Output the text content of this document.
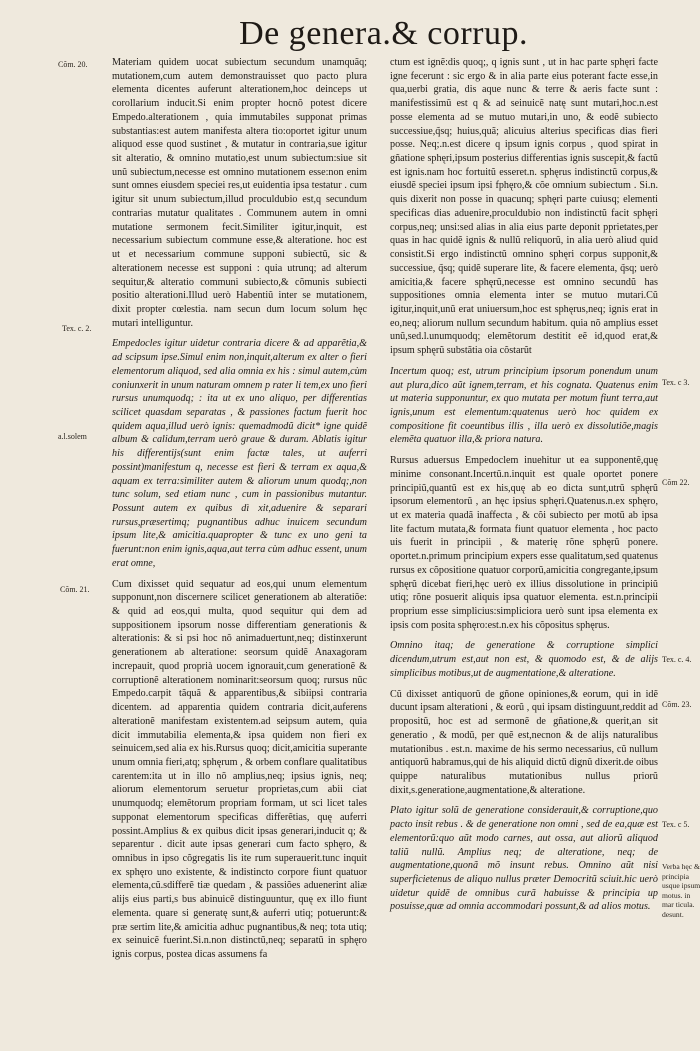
De genera.& corrup.
Cõm. 20.
Tex. c. 2.
a.l.solem
Cõm. 21.
Tex. c 3.
Cõm 22.
Tex. c. 4.
Cõm. 23.
Tex. c 5.
Verba hęc & principia usque ipsum motus. in mar ticula. desunt.

Materiam quidem uocat subiectum secundum unamquãq; mutationem,cum autem demonstrauisset quo pacto plura elementa dicentes auferunt alterationem,hoc deinceps ut corollarium inducit.Si enim propter hocnõ potest dicere Empedo.alterationem , quia immutabiles supponat primas substantias:est autem manifesta altera tio:oportet igitur unum aliquod esse quod sustinet , & mutatur in contraria,sue igitur sit alteratio, & omnino mutatio,est unum subiectum:siue sit unũ subiectum,necesse est omnino mutationem esse:non enim sunt omnes eiusdem speciei res,ut euidentia ipsa testatur . cum igitur sit unum subiectum,illud proculdubio est,q secundum contrarias mutatur qualitates . Communem autem in omni mutatione sermonem fecit.Similiter igitur,inquit, est necessarium subiectum commune esse,& alteratione. hoc est ut et necessarium commune supponi subiectũ, sic & alterationem necesse est supponi : quia utrunq; ad alterum sequitur,& alteratio communi subiecto,& cõmunis subiecti positio alterationi.Illud uerò Habentiũ inter se mutationem, dixit propter cœlestia. nam secun dum locum solum hęc mutari intelliguntur.

Empedocles igitur uidetur contraria dicere & ad apparẽtia,& ad scipsum ipse.Simul enim non,inquit,alterum ex alter o fieri elementorum aliquod, sed alia omnia ex his : simul autem,cùm coniunxerit in unum naturam omnem p rater li tem,ex uno fieri rursus unumquodq; : ita ut ex uno aliquo, per differentias scilicet quasdam separatas , & passiones factum fuerit hoc quidem aqua,illud uerò ignis: quemadmodũ dicit* igne quidẽ album & calidum,terram uerò graue & duram. Ablatis igitur his differentijs(sunt enim factæ tales, ut auferri possint)manifestum q, necesse est fieri & terram ex aqua,& aquam ex terra:similiter autem & aliorum unum quodq;,non tunc solum, sed etiam nunc , cum in passionibus mutantur. Possunt autem ex quibus dì xit,aduenire & separari rursus,præsertimq; pugnantibus adhuc inuicem secundum ipsum lite,& amicitia.quapropter & tunc ex uno geni ta fuerunt:non enim ignis,aqua,aut terra cùm adhuc essent, unum erat omne,

Cum dixisset quid sequatur ad eos,qui unum elementum supponunt,non discernere scilicet generationem ab alteratiõe: & quid ad eos,qui multa, quod sequitur qui dem ad suppositionem ipsorum nosse differentiam generationis & alterationis: & si psi hoc nõ animaduertunt,neq; distinxerunt generationem ab alteratione: seorsum quidẽ Anaxagoram increpauit, quod proprià uocem ignorauit,cum generationẽ & corruptionẽ alterationem nominarit:seorsum quoq; rursus nũc Empedo.carpit tãquã & apparentibus,& sibiipsi contraria dicentem. ad apparentia quidem contraria dicit,auferens alterationẽ manifestam existentem.ad seipsum autem, quia dicit immutabilia elementa,& ipsa quidem non fieri ex seinuicem,sed alia ex his.Rursus quoq; dicit,amicitia superante unum omnia fieri,atq; sphęrum , & orbem conflare qualitatibus carentem:ita ut in illo nõ amplius,neq; ipsius ignis, neq; aliorum elementorum seruetur proprietas,cum abii ciat unumquodq; elemẽtorum propriam formam, ut sci licet tales supponat elementorum specificas differẽtias, quę auferri possint.Amplius & ex quibus dicit ipsas generari,inducit q; & separentur . dicit aute ipsas generari cum facto sphęro, & omnibus in ipso cõgregatis lis ite rum superauerit.tunc inquit ex sphęro uno existente, & indistincto corpore fiunt quatuor elementa,cũ.sdifferẽ tiæ quedam , & passiões aduenerint aliæ alijs eius parti,s bus abinuicẽ distinguuntur, quę ex illo fiunt elementa. quare si generatę sunt,& auferri utiq; potuerunt:& præ sertim lite,& amicitia adhuc pugnantibus,& neq; tota utiq; ex seinuicẽ fuerint.Si.n.non distinctũ,neq; separatũ in sphęro ignis corpus, postea dicas assumens fa

ctum est ignẽ:dis quoq;, q ignis sunt , ut in hac parte sphęri facte igne fecerunt : sic ergo & in alia parte eius poterant facte esse,in qua,uerbi gratia, dis aque nunc & terre & aeris facte sunt : manifestissimũ est q & ad seinuicẽ natę sunt mutari,hoc.n.est posse elementa ad se mutuo mutari,in uno, & eodẽ subiecto successiue,q̃sq; huius,quã; alicuius alterius specificas dias fieri posse. Neq;.n.est dicere q ipsum ignis corpus , quod spirat in gñatione sphęri,ipsum posterius differentias ignis suscepit,& factũ est ignis.nam hoc fortuitũ esseret.n. sphęrus indistinctũ corpus,& eiusdẽ speciei ipsum ipsi fphęro,& cõe omnium subiectum . Si.n. quis dixerit non posse in quacunq; sphęri parte cuiusq; elementi specificas dias aduenire,proculdubio non indistinctũ facit sphęri corpus,neq; unsi:sed alias in alia eius parte deponit pprietates,per quas in hac quidẽ ignis & nullũ reliquorũ, in alia uerò aliud quid consistit.Si ergo indistinctũ omnino sphęri corpus supponit,& successiue, q̃sq; quidẽ superare lite, & facere elementa, q̃sq; uerò amicitia,& facere sphęrũ,necesse est omnino secundũ has suppositiones omnia elementa inter se mutuo mutari.Cũ igitur,inquit,unũ erat uniuersum,hoc est sphęrus,neq; ignis erat in eo,neq; aliorum nullum secundum habitum. quia nõ amplius esset unũ,sed.l.unumquodq; elemẽtorum destitit eẽ id,quod erat,& ipsum sphęrũ substãtia oia cõstarũt

Incertum quoq; est, utrum principium ipsorum ponendum unum aut plura,dico aũt ignem,terram, et his cognata. Quatenus enim ut materia supponuntur, ex quo mutata per motum fiunt terra,aut ignis,unum est elementum:quatenus uerò hoc quidem ex compositione fit coeuntibus illis , illa uerò ex dissolutiõe,magis elemẽta quatuor illa,& priora natura.

Rursus aduersus Empedoclem inuehitur ut ea supponentẽ,quę minime consonant.Incertũ.n.inquit est quale oportet ponere principiũ,quantũ est ex his,quę ab eo dicta sunt,utrũ sphęrũ ipsorum elementorũ , an hęc ipsius sphęri.Quatenus.n.ex sphęro, ut ex materia quadã inaffecta , & cõi subiecto per motũ ab ipsa lite factum mutata,& formata fiunt quatuor elementa , hoc pacto uis fuerit in principii , & materię rõne sphęrũ ponere. oportet.n.primum principium expers esse qualitatum,sed quatenus rursus ex cõpositione quatuor corporũ,amicitia congregante,ipsum sphęrũ dicebat fieri,hęc uerò ex illius dissolutione in principiũ utiq; rõne posuerit aliquis ipsa quatuor elementa. est.n.principii proprium esse simplicius:simpliciora uerò sunt ipsa elementa ex ipsis com posita sphęro:est.n.ex his cõpositus sphęrus.

Omnino itaq; de generatione & corruptione simplici dicendum,utrum est,aut non est, & quomodo est, & de alijs simplicibus motibus,ut de augmentatione,& alteratione.

Cũ dixisset antiquorũ de gñone opiniones,& eorum, qui in idẽ ducunt ipsam alterationi , & eorũ , qui ipsam distinguunt,reddit ad propositũ, hoc est ad sermonẽ de gñatione,& querit,an sit generatio , & modũ, per quẽ est,necnon & de alijs naturalibus mutationibus . est.n. maxime de his sermo necessarius, cũ nullum antiquorũ habramus,qui de his aliquid dictũ dignũ dixerit.de oibus quippe naturalibus mutationibus nullus priorũ dixit,s.generatione,augmentatione,& alteratione.

Plato igitur solũ de generatione considerauit,& corruptione,quo pacto insit rebus . & de generatione non omni , sed de ea,quæ est elementorũ:quo aũt modo carnes, aut ossa, aut aliorũ aliquod taliũ nullũ. Amplius neq; de alteratione, neq; de augmentatione,quonã mõ insunt rebus. Omnino aũt nisi superficietenus de aliquo nullus præter Democritũ sciuit.hic uerò uidetur quidẽ de omnibus curã habuisse & principia up posuisse,quæ ad omnia accommodari possunt,& ad alios motus.
